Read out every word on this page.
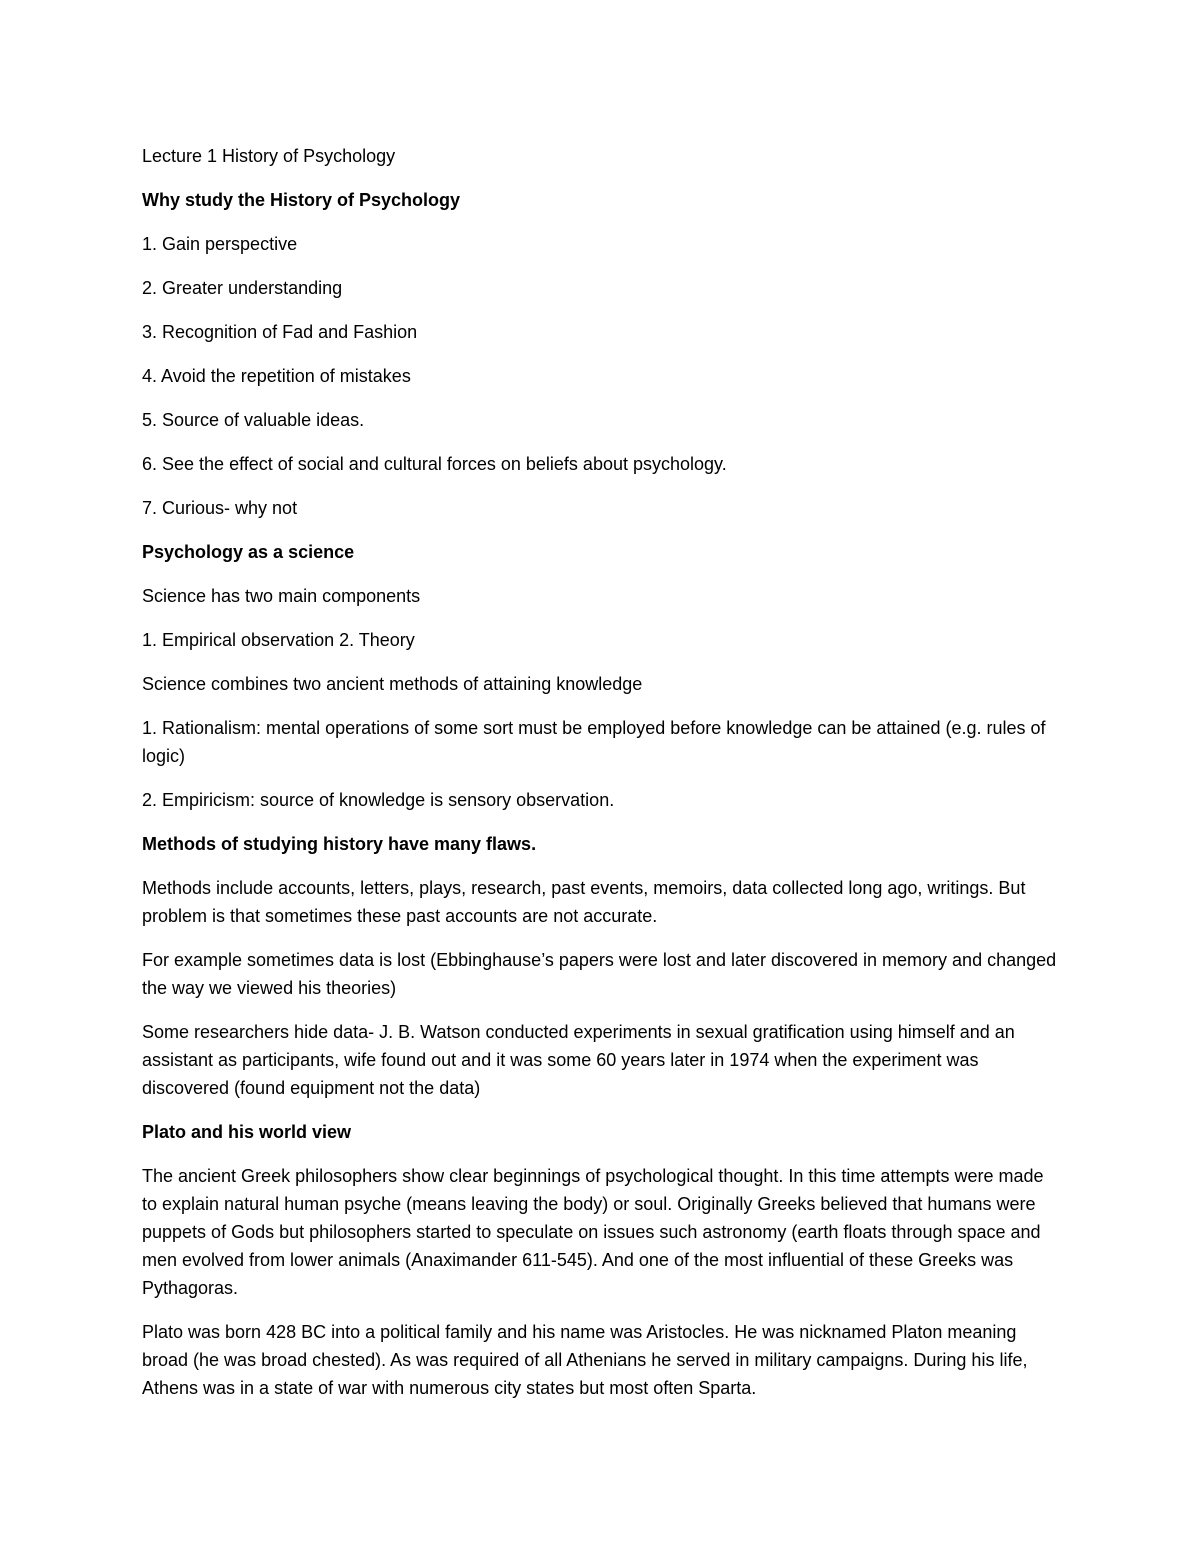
Lecture 1 History of Psychology

Why study the History of Psychology

1. Gain perspective

2. Greater understanding

3. Recognition of Fad and Fashion

4. Avoid the repetition of mistakes

5. Source of valuable ideas.

6. See the effect of social and cultural forces on beliefs about psychology.

7. Curious- why not

Psychology as a science

Science has two main components

1. Empirical observation 2. Theory

Science combines two ancient methods of attaining knowledge

1. Rationalism: mental operations of some sort must be employed before knowledge can be attained (e.g. rules of logic)

2. Empiricism: source of knowledge is sensory observation.

Methods of studying history have many flaws.

Methods include accounts, letters, plays, research, past events, memoirs, data collected long ago, writings. But problem is that sometimes these past accounts are not accurate.

For example sometimes data is lost (Ebbinghause’s papers were lost and later discovered in memory and changed the way we viewed his theories)

Some researchers hide data- J. B. Watson conducted experiments in sexual gratification using himself and an assistant as participants, wife found out and it was some 60 years later in 1974 when the experiment was discovered (found equipment not the data)

Plato and his world view

The ancient Greek philosophers show clear beginnings of psychological thought. In this time attempts were made to explain natural human psyche (means leaving the body) or soul. Originally Greeks believed that humans were puppets of Gods but philosophers started to speculate on issues such astronomy (earth floats through space and men evolved from lower animals (Anaximander 611-545). And one of the most influential of these Greeks was Pythagoras.

Plato was born 428 BC into a political family and his name was Aristocles. He was nicknamed Platon meaning broad (he was broad chested). As was required of all Athenians he served in military campaigns. During his life, Athens was in a state of war with numerous city states but most often Sparta.
